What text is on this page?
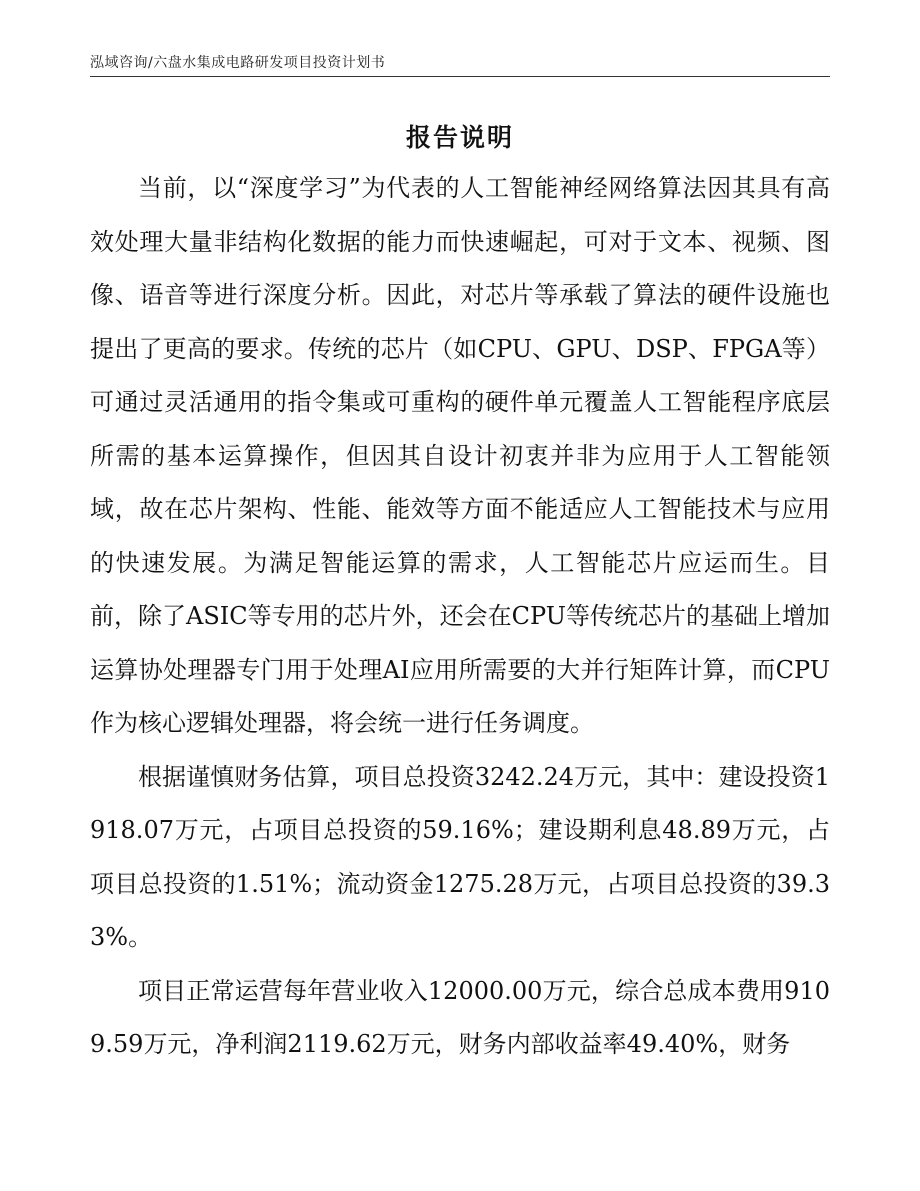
泓域咨询/六盘水集成电路研发项目投资计划书
报告说明

当前，以“深度学习”为代表的人工智能神经网络算法因其具有高效处理大量非结构化数据的能力而快速崛起，可对于文本、视频、图像、语音等进行深度分析。因此，对芯片等承载了算法的硬件设施也提出了更高的要求。传统的芯片（如CPU、GPU、DSP、FPGA等）可通过灵活通用的指令集或可重构的硬件单元覆盖人工智能程序底层所需的基本运算操作，但因其自设计初衷并非为应用于人工智能领域，故在芯片架构、性能、能效等方面不能适应人工智能技术与应用的快速发展。为满足智能运算的需求，人工智能芯片应运而生。目前，除了ASIC等专用的芯片外，还会在CPU等传统芯片的基础上增加运算协处理器专门用于处理AI应用所需要的大并行矩阵计算，而CPU作为核心逻辑处理器，将会统一进行任务调度。

根据谨慎财务估算，项目总投资3242.24万元，其中：建设投资1918.07万元，占项目总投资的59.16%；建设期利息48.89万元，占项目总投资的1.51%；流动资金1275.28万元，占项目总投资的39.33%。

项目正常运营每年营业收入12000.00万元，综合总成本费用9109.59万元，净利润2119.62万元，财务内部收益率49.40%，财务
